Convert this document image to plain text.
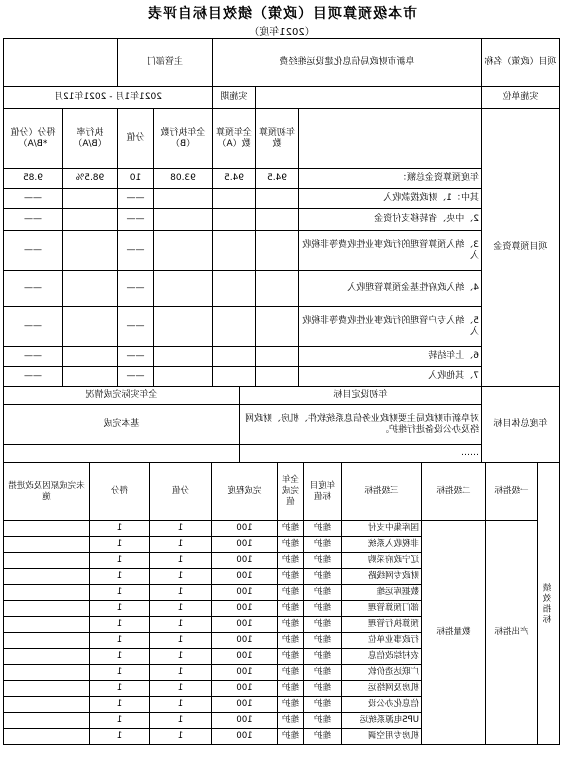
市本级预算项目（政策）绩效目标自评表
（2021年度）
项目（政策）名称	阜新市财政局信息化建设运维经费			主管部门			
实施单位			实施期	2021年1月 - 2021年12月			
项目预算资金		年初预算数	全年预算数（A）	全年执行数（B）	分值	执行率（B/A）	得分（分值*B/A）
	年度预算资金总额：	94.5	94.5	93.08	10	98.5%	9.85
	其中：1、财政拨款收入				——		——
	2、中央、省转移支付资金				——		——
	3、纳入预算管理的行政事业性收费等非税收入				——		——
	4、纳入政府性基金预算管理收入				——		——
	5、纳入专户管理的行政事业性收费等非税收入				——		——
	6、上年结转				——		——
	7、其他收入				——		——
年度总体目标	年初设定目标	全年实际完成情况
	对阜新市财政局主要财政业务信息系统软件、机房、财政网络及办公设备进行维护。	基本完成
	……	
绩效指标	一级指标	二级指标	三级指标	年度目标值	全年完成值	完成程度	分值	得分	未完成原因及改进措施
	产出指标	数量指标	国库集中支付	维护	维护	100	1	1	
			非税收入系统	维护	维护	100	1	1	
			辽宁政府采购	维护	维护	100	1	1	
			财政专网线路	维护	维护	100	1	1	
			数据库运维	维护	维护	100	1	1	
			部门预算管理	维护	维护	100	1	1	
			预算执行管理	维护	维护	100	1	1	
			行政事业单位	维护	维护	100	1	1	
			农村综改信息	维护	维护	100	1	1	
			广联达造价软	维护	维护	100	1	1	
			机房及网络运	维护	维护	100	1	1	
			信息化办公设	维护	维护	100	1	1	
			UPS电源系统运	维护	维护	100	1	1	
			机房专用空调	维护	维护	100	1	1	
